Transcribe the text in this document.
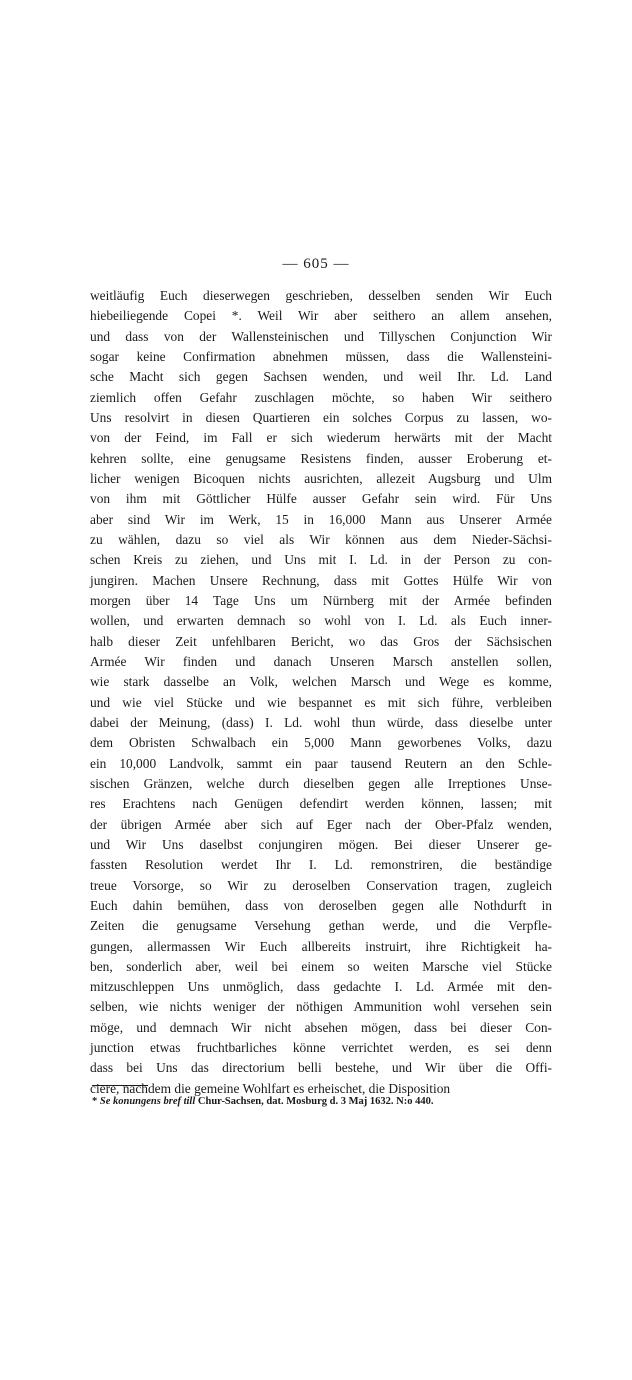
— 605 —
weitläufig Euch dieserwegen geschrieben, desselben senden Wir Euch
hiebeiliegende Copei *. Weil Wir aber seithero an allem ansehen,
und dass von der Wallensteinischen und Tillyschen Conjunction Wir
sogar keine Confirmation abnehmen müssen, dass die Wallensteini-
sche Macht sich gegen Sachsen wenden, und weil Ihr. Ld. Land
ziemlich offen Gefahr zuschlagen möchte, so haben Wir seithero
Uns resolvirt in diesen Quartieren ein solches Corpus zu lassen, wo-
von der Feind, im Fall er sich wiederum herwärts mit der Macht
kehren sollte, eine genugsame Resistens finden, ausser Eroberung et-
licher wenigen Bicoquen nichts ausrichten, allezeit Augsburg und Ulm
von ihm mit Göttlicher Hülfe ausser Gefahr sein wird. Für Uns
aber sind Wir im Werk, 15 in 16,000 Mann aus Unserer Armée
zu wählen, dazu so viel als Wir können aus dem Nieder-Sächsi-
schen Kreis zu ziehen, und Uns mit I. Ld. in der Person zu con-
jungiren. Machen Unsere Rechnung, dass mit Gottes Hülfe Wir von
morgen über 14 Tage Uns um Nürnberg mit der Armée befinden
wollen, und erwarten demnach so wohl von I. Ld. als Euch inner-
halb dieser Zeit unfehlbaren Bericht, wo das Gros der Sächsischen
Armée Wir finden und danach Unseren Marsch anstellen sollen,
wie stark dasselbe an Volk, welchen Marsch und Wege es komme,
und wie viel Stücke und wie bespannet es mit sich führe, verbleiben
dabei der Meinung, (dass) I. Ld. wohl thun würde, dass dieselbe unter
dem Obristen Schwalbach ein 5,000 Mann geworbenes Volks, dazu
ein 10,000 Landvolk, sammt ein paar tausend Reutern an den Schle-
sischen Gränzen, welche durch dieselben gegen alle Irreptiones Unse-
res Erachtens nach Genügen defendirt werden können, lassen; mit
der übrigen Armée aber sich auf Eger nach der Ober-Pfalz wenden,
und Wir Uns daselbst conjungiren mögen. Bei dieser Unserer ge-
fassten Resolution werdet Ihr I. Ld. remonstriren, die beständige
treue Vorsorge, so Wir zu deroselben Conservation tragen, zugleich
Euch dahin bemühen, dass von deroselben gegen alle Nothdurft in
Zeiten die genugsame Versehung gethan werde, und die Verpfle-
gungen, allermassen Wir Euch allbereits instruirt, ihre Richtigkeit ha-
ben, sonderlich aber, weil bei einem so weiten Marsche viel Stücke
mitzuschleppen Uns unmöglich, dass gedachte I. Ld. Armée mit den-
selben, wie nichts weniger der nöthigen Ammunition wohl versehen sein
möge, und demnach Wir nicht absehen mögen, dass bei dieser Con-
junction etwas fruchtbarliches könne verrichtet werden, es sei denn
dass bei Uns das directorium belli bestehe, und Wir über die Offi-
ciere, nachdem die gemeine Wohlfart es erheischet, die Disposition
* Se konungens bref till Chur-Sachsen, dat. Mosburg d. 3 Maj 1632. N:o 440.
